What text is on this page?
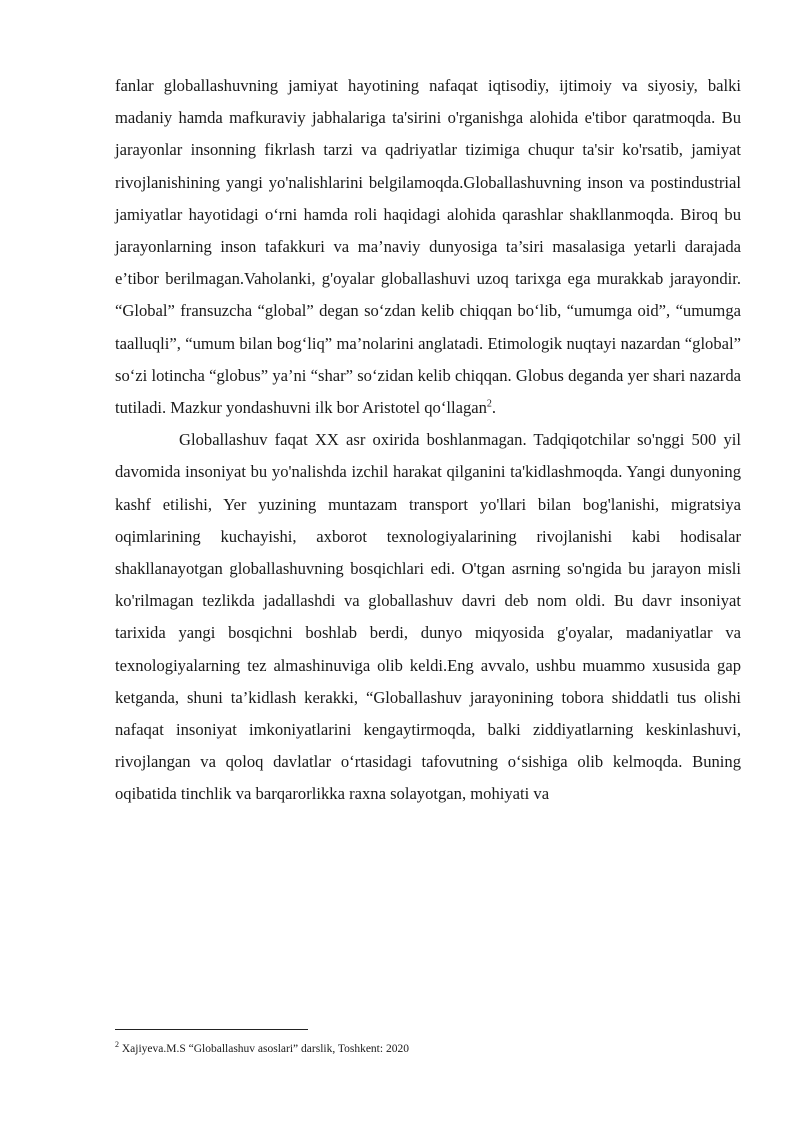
fanlar globallashuvning jamiyat hayotining nafaqat iqtisodiy, ijtimoiy va siyosiy, balki madaniy hamda mafkuraviy jabhalariga ta'sirini o'rganishga alohida e'tibor qaratmoqda. Bu jarayonlar insonning fikrlash tarzi va qadriyatlar tizimiga chuqur ta'sir ko'rsatib, jamiyat rivojlanishining yangi yo'nalishlarini belgilamoqda.Globallashuvning inson va postindustrial jamiyatlar hayotidagi o‘rni hamda roli haqidagi alohida qarashlar shakllanmoqda. Biroq bu jarayonlarning inson tafakkuri va ma’naviy dunyosiga ta’siri masalasiga yetarli darajada e’tibor berilmagan.Vaholanki, g'oyalar globallashuvi uzoq tarixga ega murakkab jarayondir. “Global” fransuzcha “global” degan so‘zdan kelib chiqqan bo‘lib, “umumga oid”, “umumga taalluqli”, “umum bilan bog‘liq” ma’nolarini anglatadi. Etimologik nuqtayi nazardan “global” so‘zi lotincha “globus” ya’ni “shar” so‘zidan kelib chiqqan. Globus deganda yer shari nazarda tutiladi. Mazkur yondashuvni ilk bor Aristotel qo‘llagan$^2$.

Globallashuv faqat XX asr oxirida boshlanmagan. Tadqiqotchilar so'nggi 500 yil davomida insoniyat bu yo'nalishda izchil harakat qilganini ta'kidlashmoqda. Yangi dunyoning kashf etilishi, Yer yuzining muntazam transport yo'llari bilan bog'lanishi, migratsiya oqimlarining kuchayishi, axborot texnologiyalarining rivojlanishi kabi hodisalar shakllanayotgan globallashuvning bosqichlari edi. O'tgan asrning so'ngida bu jarayon misli ko'rilmagan tezlikda jadallashdi va globallashuv davri deb nom oldi. Bu davr insoniyat tarixida yangi bosqichni boshlab berdi, dunyo miqyosida g'oyalar, madaniyatlar va texnologiyalarning tez almashinuviga olib keldi.Eng avvalo, ushbu muammo xususida gap ketganda, shuni ta’kidlash kerakki, “Globallashuv jarayonining tobora shiddatli tus olishi nafaqat insoniyat imkoniyatlarini kengaytirmoqda, balki ziddiyatlarning keskinlashuvi, rivojlangan va qoloq davlatlar o‘rtasidagi tafovutning o‘sishiga olib kelmoqda. Buning oqibatida tinchlik va barqarorlikka raxna solayotgan, mohiyati va

$^2$ Xajiyeva.M.S “Globallashuv asoslari” darslik, Toshkent: 2020
